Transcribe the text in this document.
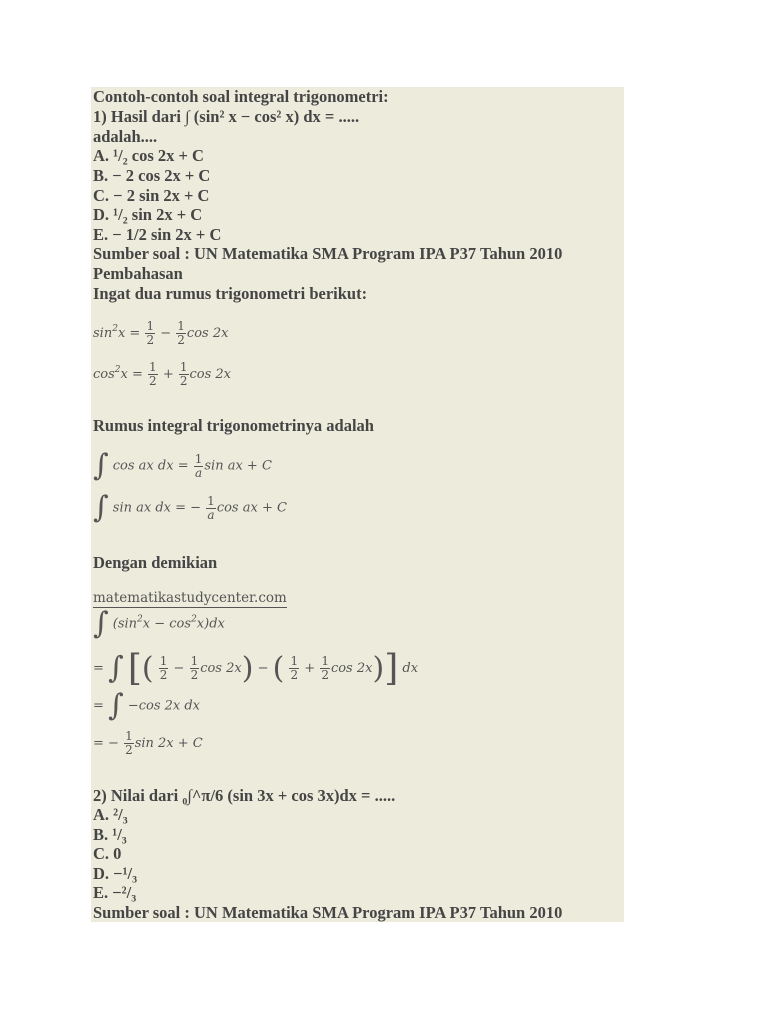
Contoh-contoh soal integral trigonometri:
1) Hasil dari ∫ (sin² x − cos² x) dx = .....
adalah....
A. ¹/₂ cos 2x + C
B. − 2 cos 2x + C
C. − 2 sin 2x + C
D. ¹/₂ sin 2x + C
E. − 1/2 sin 2x + C
Sumber soal : UN Matematika SMA Program IPA P37 Tahun 2010
Pembahasan
Ingat dua rumus trigonometri berikut:
$\sin^2x = \frac{1}{2} - \frac{1}{2}$ cos 2x
$\cos^2x = \frac{1}{2} + \frac{1}{2}$ cos 2x
Rumus integral trigonometrinya adalah
∫ cos ax dx = $\frac{1}{a}$ sin ax + C
∫ sin ax dx = − $\frac{1}{a}$ cos ax + C
Dengan demikian
matematikastudycenter.com
∫ $(\sin^2x - \cos^2x)dx$
= ∫ [( $\frac{1}{2} - \frac{1}{2}$ cos 2x) − ( $\frac{1}{2} + \frac{1}{2}$ cos 2x)] dx
= ∫ −cos 2x dx
= − $\frac{1}{2}$ sin 2x + C
2) Nilai dari ₀∫^π/6 (sin 3x + cos 3x)dx = .....
A. ²/₃
B. ¹/₃
C. 0
D. −¹/₃
E. −²/₃
Sumber soal : UN Matematika SMA Program IPA P37 Tahun 2010
